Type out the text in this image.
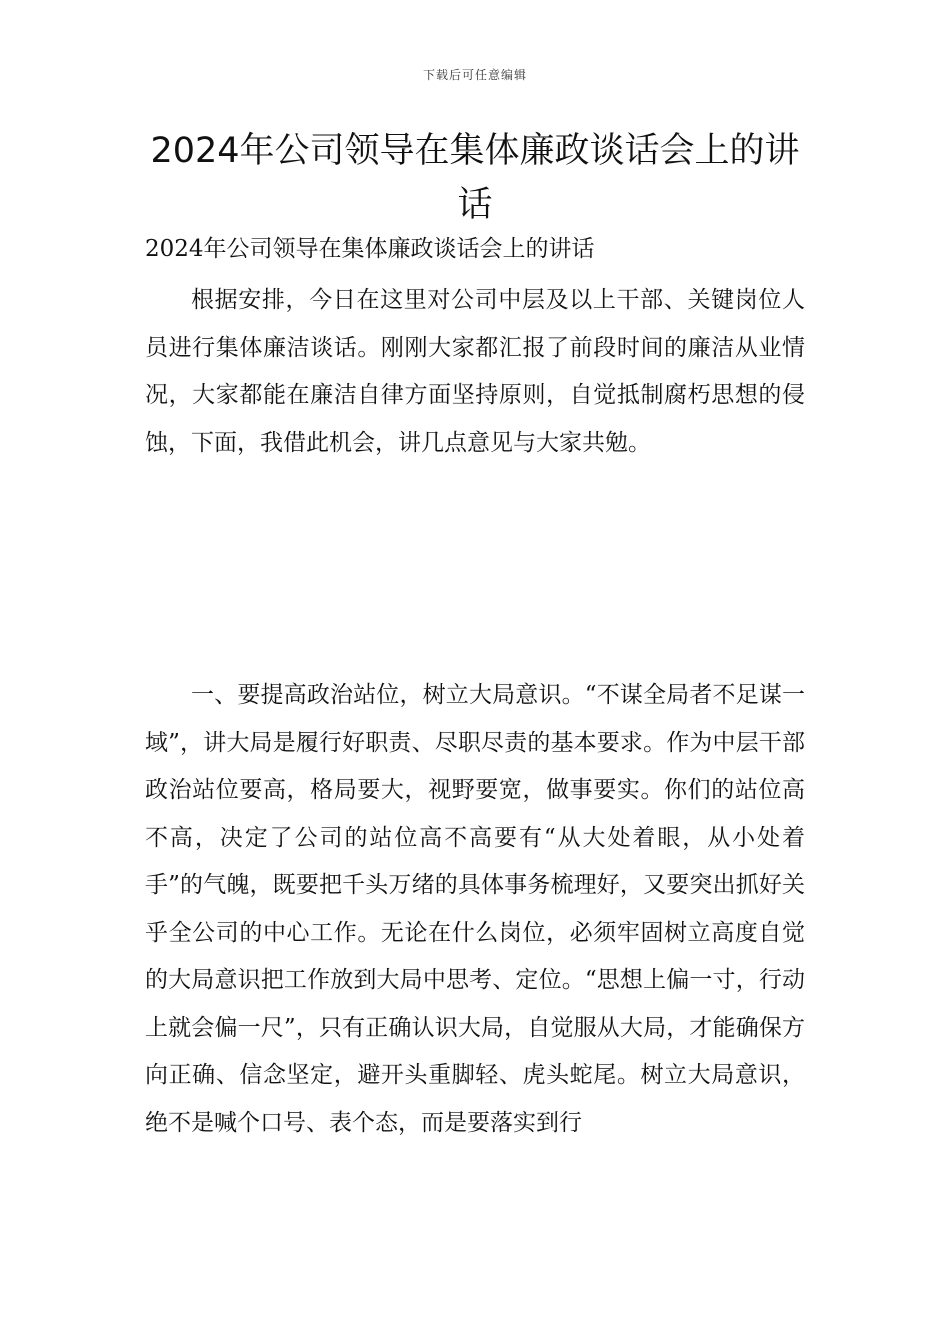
下载后可任意编辑
2024年公司领导在集体廉政谈话会上的讲话

2024年公司领导在集体廉政谈话会上的讲话

根据安排，今日在这里对公司中层及以上干部、关键岗位人员进行集体廉洁谈话。刚刚大家都汇报了前段时间的廉洁从业情况，大家都能在廉洁自律方面坚持原则，自觉抵制腐朽思想的侵蚀，下面，我借此机会，讲几点意见与大家共勉。

一、要提高政治站位，树立大局意识。“不谋全局者不足谋一域”，讲大局是履行好职责、尽职尽责的基本要求。作为中层干部政治站位要高，格局要大，视野要宽，做事要实。你们的站位高不高，决定了公司的站位高不高要有“从大处着眼，从小处着手”的气魄，既要把千头万绪的具体事务梳理好，又要突出抓好关乎全公司的中心工作。无论在什么岗位，必须牢固树立高度自觉的大局意识把工作放到大局中思考、定位。“思想上偏一寸，行动上就会偏一尺”，只有正确认识大局，自觉服从大局，才能确保方向正确、信念坚定，避开头重脚轻、虎头蛇尾。树立大局意识，绝不是喊个口号、表个态，而是要落实到行
